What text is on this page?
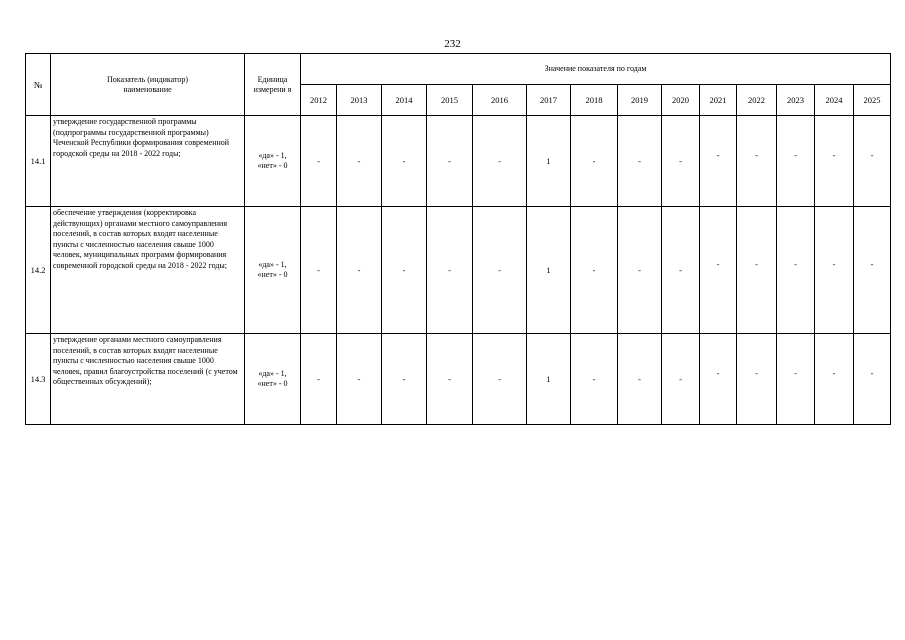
232
№	Показатель (индикатор) наименование	Единица измерени я	Значение показателя по годам													
			2012	2013	2014	2015	2016	2017	2018	2019	2020	2021	2022	2023	2024	2025
14.1	утверждение государственной программы (подпрограммы государственной программы) Чеченской Республики формирования современной городской среды на 2018 - 2022 годы;	«да» - 1, «нет» - 0	-	-	-	-	-	1	-	-	-	-	-	-	-	-
14.2	обеспечение утверждения (корректировка действующих) органами местного самоуправления поселений, в состав которых входят населенные пункты с численностью населения свыше 1000 человек, муниципальных программ формирования современной городской среды на 2018 - 2022 годы;	«да» - 1, «нет» - 0	-	-	-	-	-	1	-	-	-	-	-	-	-	-
14.3	утверждение органами местного самоуправления поселений, в состав которых входят населенные пункты с численностью населения свыше 1000 человек, правил благоустройства поселений (с учетом общественных обсуждений);	«да» - 1, «нет» - 0	-	-	-	-	-	1	-	-	-	-	-	-	-	-
